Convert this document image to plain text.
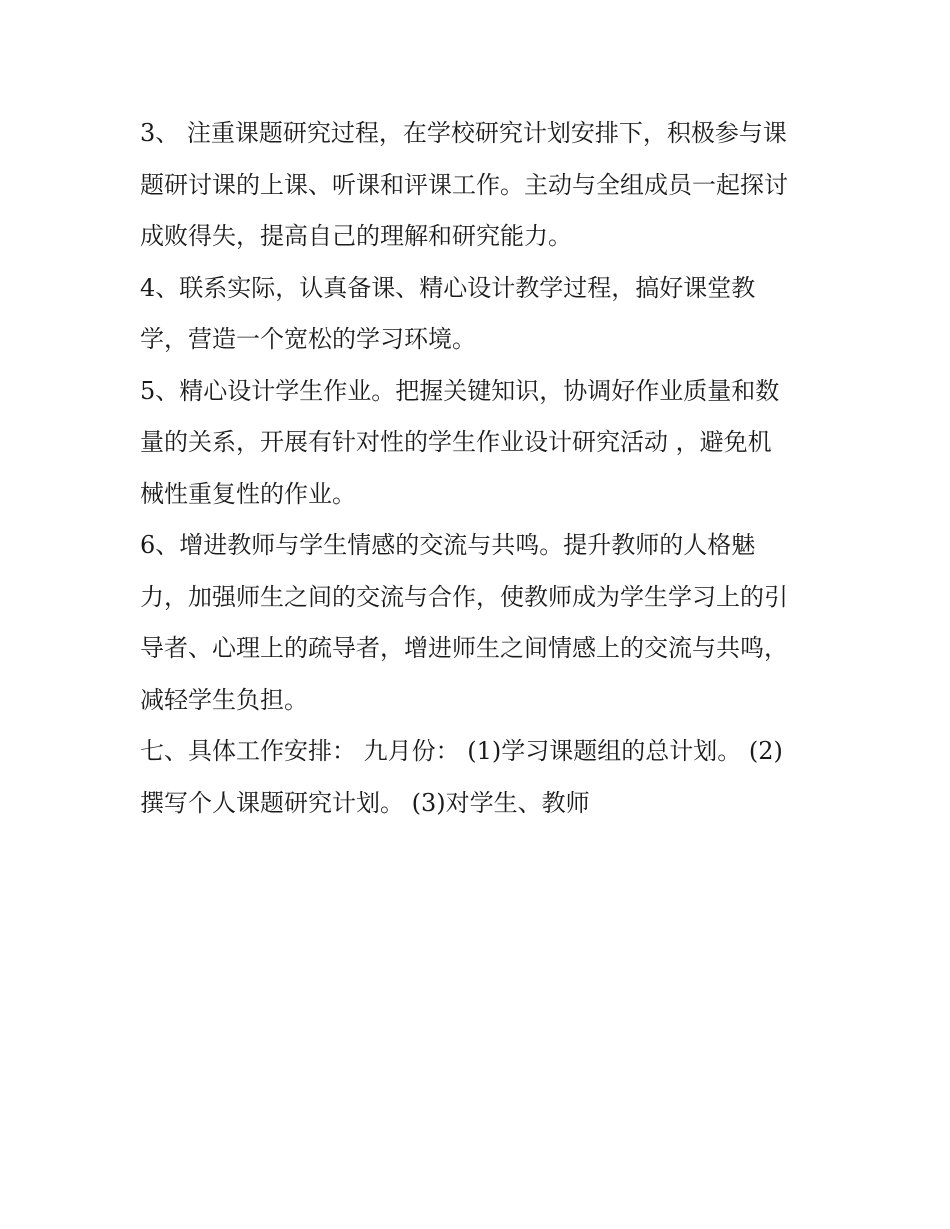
3、 注重课题研究过程，在学校研究计划安排下，积极参与课
题研讨课的上课、听课和评课工作。主动与全组成员一起探讨
成败得失，提高自己的理解和研究能力。
4、联系实际，认真备课、精心设计教学过程，搞好课堂教
学，营造一个宽松的学习环境。
5、精心设计学生作业。把握关键知识，协调好作业质量和数
量的关系，开展有针对性的学生作业设计研究活动 ，避免机
械性重复性的作业。
6、增进教师与学生情感的交流与共鸣。提升教师的人格魅
力，加强师生之间的交流与合作，使教师成为学生学习上的引
导者、心理上的疏导者，增进师生之间情感上的交流与共鸣，
减轻学生负担。
七、具体工作安排： 九月份： (1)学习课题组的总计划。 (2)
撰写个人课题研究计划。 (3)对学生、教师
